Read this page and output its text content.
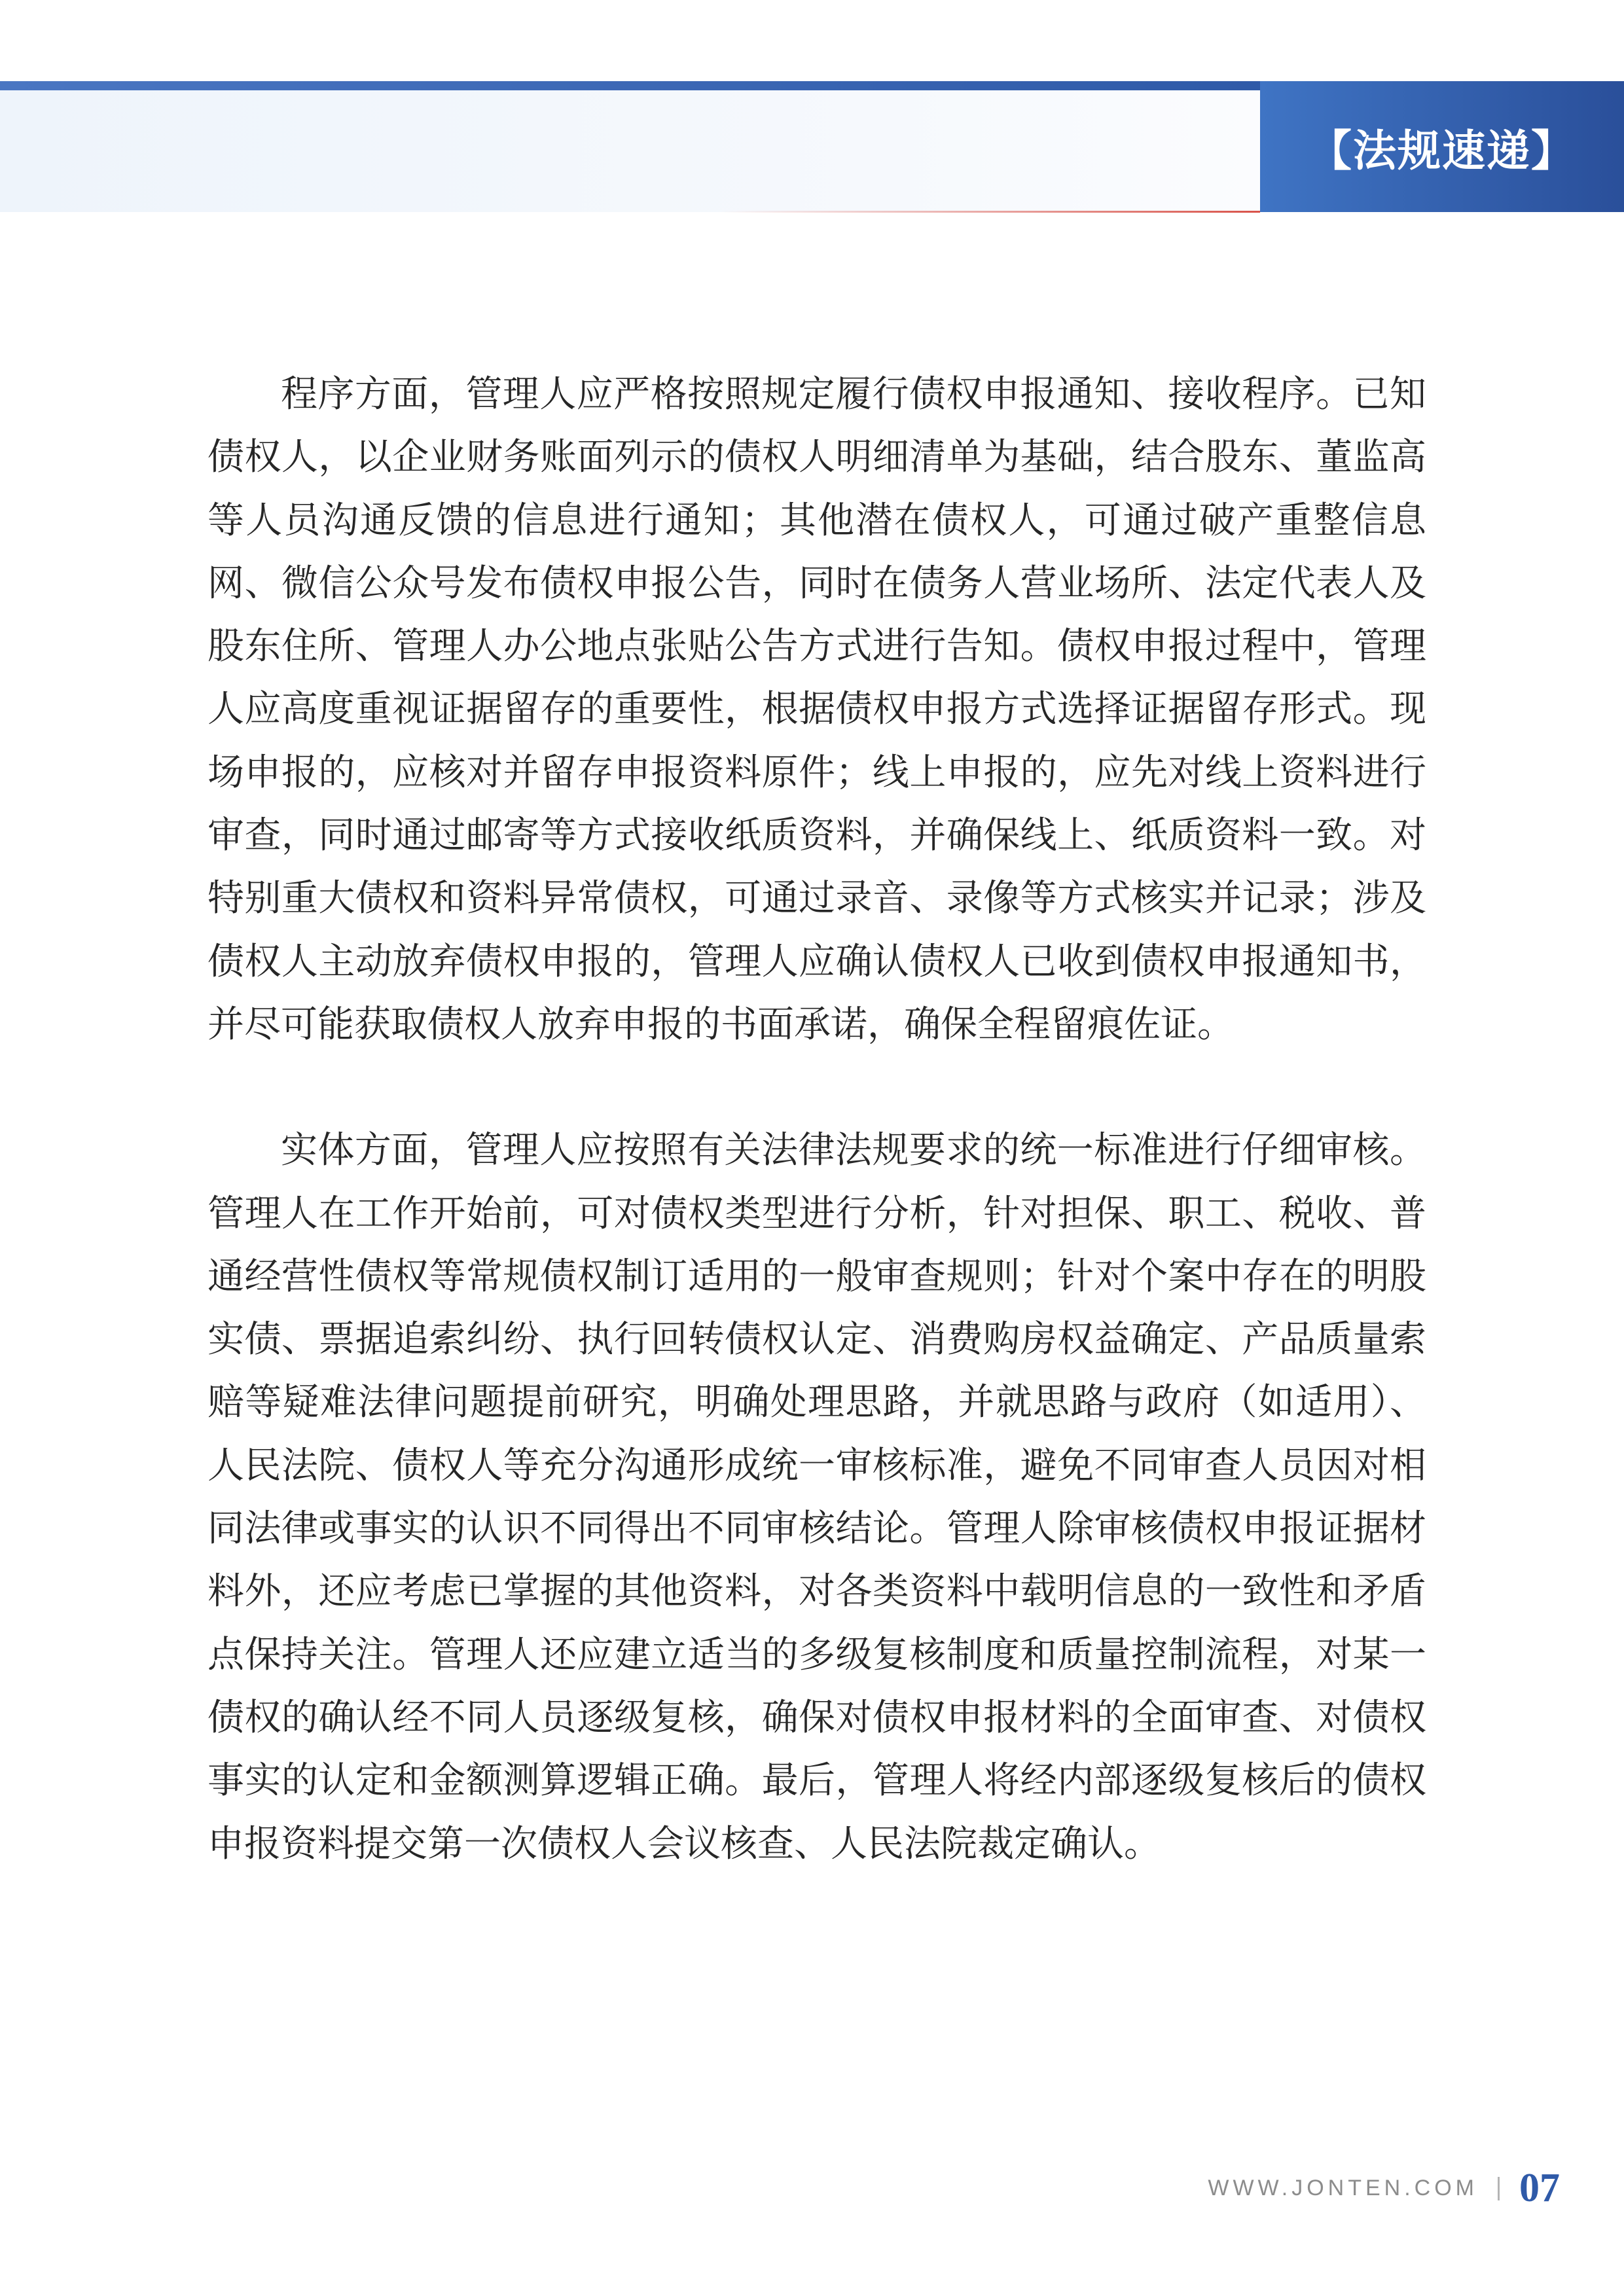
【法规速递】

程序方面，管理人应严格按照规定履行债权申报通知、接收程序。已知债权人，以企业财务账面列示的债权人明细清单为基础，结合股东、董监高等人员沟通反馈的信息进行通知；其他潜在债权人，可通过破产重整信息网、微信公众号发布债权申报公告，同时在债务人营业场所、法定代表人及股东住所、管理人办公地点张贴公告方式进行告知。债权申报过程中，管理人应高度重视证据留存的重要性，根据债权申报方式选择证据留存形式。现场申报的，应核对并留存申报资料原件；线上申报的，应先对线上资料进行审查，同时通过邮寄等方式接收纸质资料，并确保线上、纸质资料一致。对特别重大债权和资料异常债权，可通过录音、录像等方式核实并记录；涉及债权人主动放弃债权申报的，管理人应确认债权人已收到债权申报通知书，并尽可能获取债权人放弃申报的书面承诺，确保全程留痕佐证。

实体方面，管理人应按照有关法律法规要求的统一标准进行仔细审核。管理人在工作开始前，可对债权类型进行分析，针对担保、职工、税收、普通经营性债权等常规债权制订适用的一般审查规则；针对个案中存在的明股实债、票据追索纠纷、执行回转债权认定、消费购房权益确定、产品质量索赔等疑难法律问题提前研究，明确处理思路，并就思路与政府（如适用）、人民法院、债权人等充分沟通形成统一审核标准，避免不同审查人员因对相同法律或事实的认识不同得出不同审核结论。管理人除审核债权申报证据材料外，还应考虑已掌握的其他资料，对各类资料中载明信息的一致性和矛盾点保持关注。管理人还应建立适当的多级复核制度和质量控制流程，对某一债权的确认经不同人员逐级复核，确保对债权申报材料的全面审查、对债权事实的认定和金额测算逻辑正确。最后，管理人将经内部逐级复核后的债权申报资料提交第一次债权人会议核查、人民法院裁定确认。

WWW.JONTEN.COM 07
